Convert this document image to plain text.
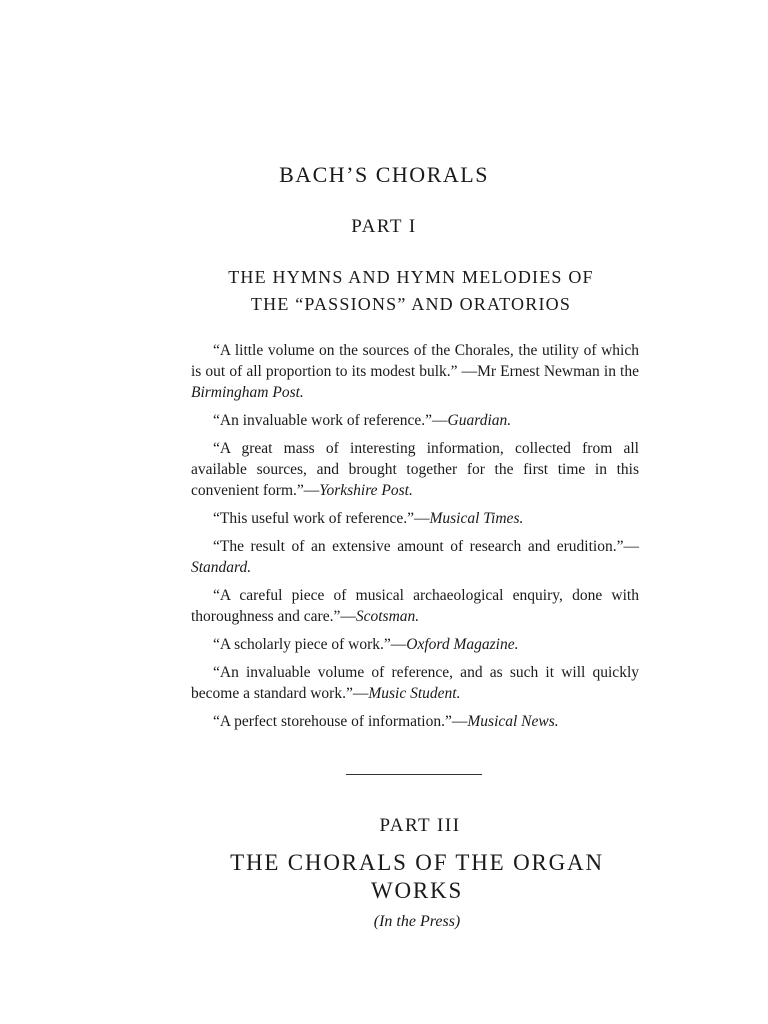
BACH’S CHORALS
PART I
THE HYMNS AND HYMN MELODIES OF
THE “PASSIONS” AND ORATORIOS

“A little volume on the sources of the Chorales, the utility of which is out of all proportion to its modest bulk.” —Mr Ernest Newman in the Birmingham Post.

“An invaluable work of reference.”—Guardian.

“A great mass of interesting information, collected from all available sources, and brought together for the first time in this convenient form.”—Yorkshire Post.

“This useful work of reference.”—Musical Times.

“The result of an extensive amount of research and erudition.”—Standard.

“A careful piece of musical archaeological enquiry, done with thoroughness and care.”—Scotsman.

“A scholarly piece of work.”—Oxford Magazine.

“An invaluable volume of reference, and as such it will quickly become a standard work.”—Music Student.

“A perfect storehouse of information.”—Musical News.

PART III
THE CHORALS OF THE ORGAN
WORKS
(In the Press)
